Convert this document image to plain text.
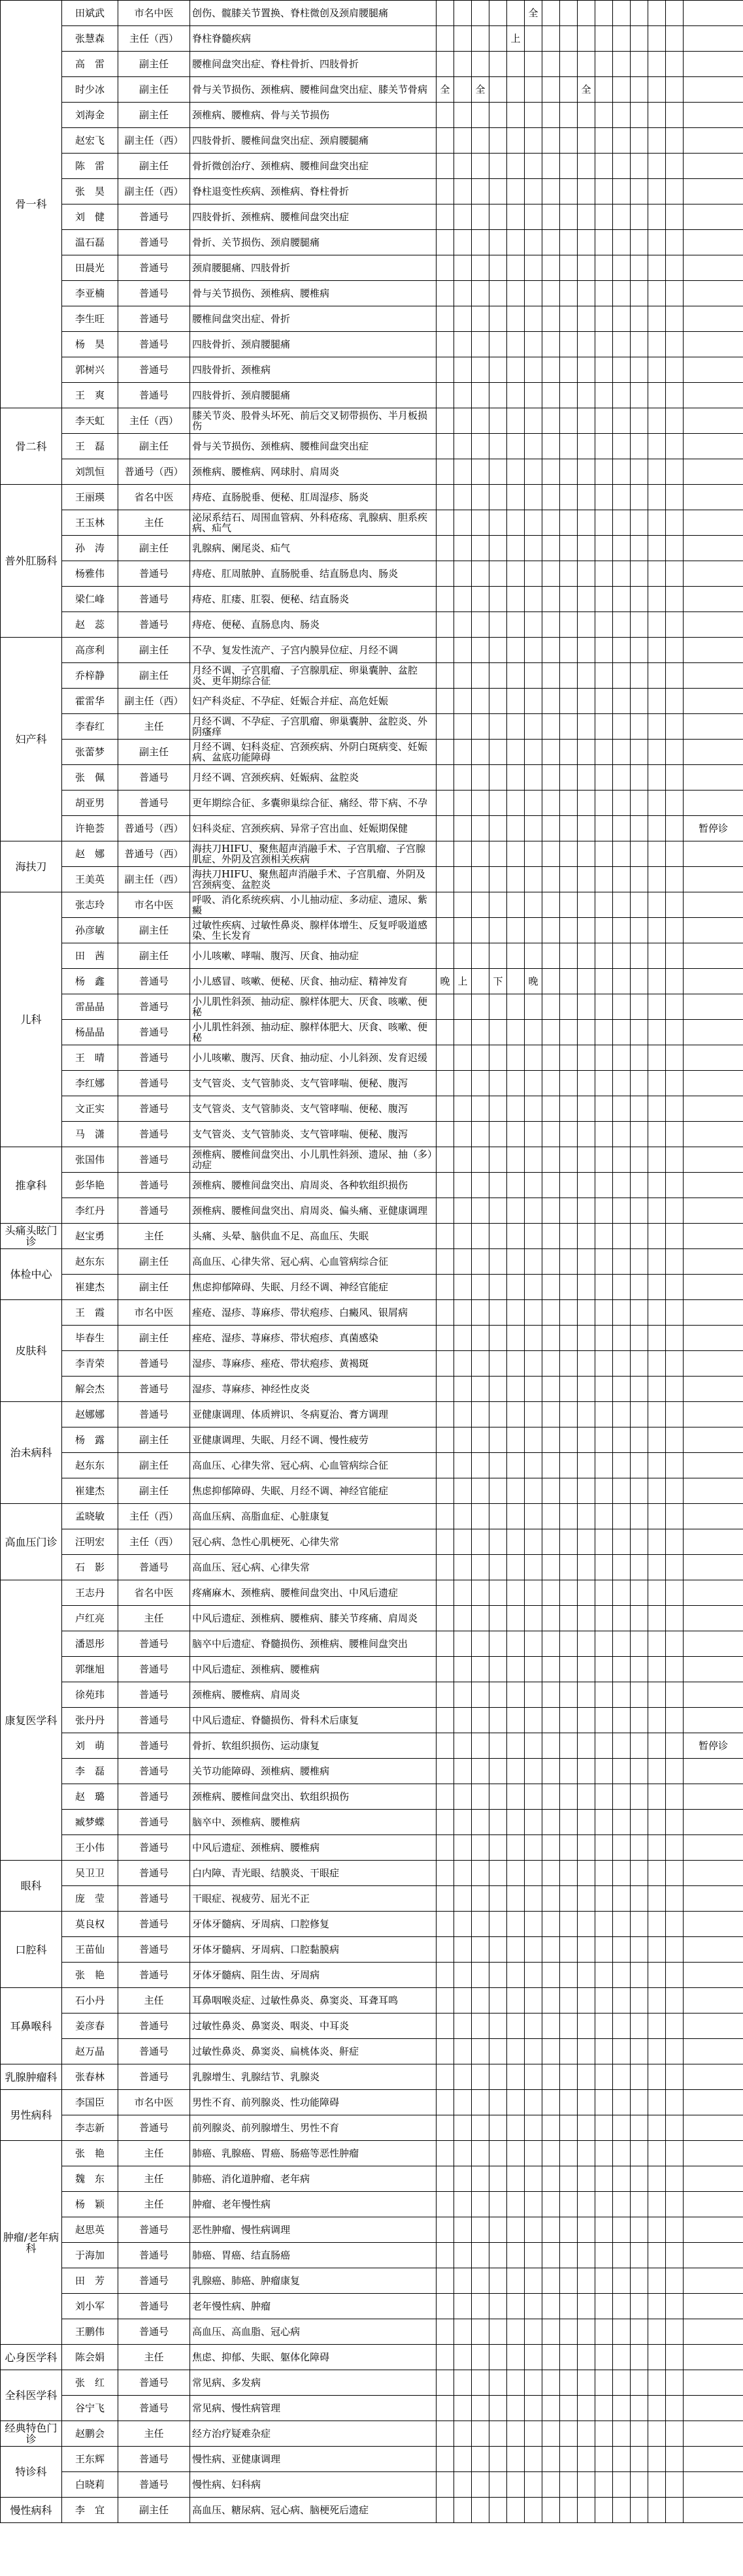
骨一科	田斌武	市名中医	创伤、髋膝关节置换、脊柱微创及颈肩腰腿痛						全									
	张慧森	主任（西）	脊柱脊髓疾病					上										
	高　雷	副主任	腰椎间盘突出症、脊柱骨折、四肢骨折															
	时少冰	副主任	骨与关节损伤、颈椎病、腰椎间盘突出症、膝关节骨病	全		全						全						
	刘海金	副主任	颈椎病、腰椎病、骨与关节损伤															
	赵宏飞	副主任（西）	四肢骨折、腰椎间盘突出症、颈肩腰腿痛															
	陈　雷	副主任	骨折微创治疗、颈椎病、腰椎间盘突出症															
	张　昊	副主任（西）	脊柱退变性疾病、颈椎病、脊柱骨折															
	刘　健	普通号	四肢骨折、颈椎病、腰椎间盘突出症															
	温石磊	普通号	骨折、关节损伤、颈肩腰腿痛															
	田晨光	普通号	颈肩腰腿痛、四肢骨折															
	李亚楠	普通号	骨与关节损伤、颈椎病、腰椎病															
	李生旺	普通号	腰椎间盘突出症、骨折															
	杨　昊	普通号	四肢骨折、颈肩腰腿痛															
	郭树兴	普通号	四肢骨折、颈椎病															
	王　爽	普通号	四肢骨折、颈肩腰腿痛															
骨二科	李天虹	主任（西）	膝关节炎、股骨头坏死、前后交叉韧带损伤、半月板损伤															
	王　磊	副主任	骨与关节损伤、颈椎病、腰椎间盘突出症															
	刘凯恒	普通号（西）	颈椎病、腰椎病、网球肘、肩周炎															
普外肛肠科	王丽瑛	省名中医	痔疮、直肠脱垂、便秘、肛周湿疹、肠炎															
	王玉林	主任	泌尿系结石、周围血管病、外科疮疡、乳腺病、胆系疾病、疝气															
	孙　涛	副主任	乳腺病、阑尾炎、疝气															
	杨雅伟	普通号	痔疮、肛周脓肿、直肠脱垂、结直肠息肉、肠炎															
	梁仁峰	普通号	痔疮、肛瘘、肛裂、便秘、结直肠炎															
	赵　蕊	普通号	痔疮、便秘、直肠息肉、肠炎															
妇产科	高彦利	副主任	不孕、复发性流产、子宫内膜异位症、月经不调															
	乔梓静	副主任	月经不调、子宫肌瘤、子宫腺肌症、卵巢囊肿、盆腔炎、更年期综合征															
	霍雷华	副主任（西）	妇产科炎症、不孕症、妊娠合并症、高危妊娠															
	李春红	主任	月经不调、不孕症、子宫肌瘤、卵巢囊肿、盆腔炎、外阴瘙痒															
	张蕾梦	副主任	月经不调、妇科炎症、宫颈疾病、外阴白斑病变、妊娠病、盆底功能障碍															
	张　佩	普通号	月经不调、宫颈疾病、妊娠病、盆腔炎															
	胡亚男	普通号	更年期综合征、多囊卵巢综合征、痛经、带下病、不孕															
	许艳荟	普通号（西）	妇科炎症、宫颈疾病、异常子宫出血、妊娠期保健															暂停诊
海扶刀	赵　娜	普通号（西）	海扶刀HIFU、聚焦超声消融手术、子宫肌瘤、子宫腺肌症、外阴及宫颈相关疾病															
	王美英	副主任（西）	海扶刀HIFU、聚焦超声消融手术、子宫肌瘤、外阴及宫颈病变、盆腔炎															
儿科	张志玲	市名中医	呼吸、消化系统疾病、小儿抽动症、多动症、遗尿、紫癜															
	孙彦敏	副主任	过敏性疾病、过敏性鼻炎、腺样体增生、反复呼吸道感染、生长发育															
	田　茜	副主任	小儿咳嗽、哮喘、腹泻、厌食、抽动症															
	杨　鑫	普通号	小儿感冒、咳嗽、便秘、厌食、抽动症、精神发育	晚	上		下		晚									
	雷晶晶	普通号	小儿肌性斜颈、抽动症、腺样体肥大、厌食、咳嗽、便秘															
	杨晶晶	普通号	小儿肌性斜颈、抽动症、腺样体肥大、厌食、咳嗽、便秘															
	王　晴	普通号	小儿咳嗽、腹泻、厌食、抽动症、小儿斜颈、发育迟缓															
	李红娜	普通号	支气管炎、支气管肺炎、支气管哮喘、便秘、腹泻															
	文正实	普通号	支气管炎、支气管肺炎、支气管哮喘、便秘、腹泻															
	马　潇	普通号	支气管炎、支气管肺炎、支气管哮喘、便秘、腹泻															
推拿科	张国伟	普通号	颈椎病、腰椎间盘突出、小儿肌性斜颈、遗尿、抽（多）动症															
	彭华艳	普通号	颈椎病、腰椎间盘突出、肩周炎、各种软组织损伤															
	李红丹	普通号	颈椎病、腰椎间盘突出、肩周炎、偏头痛、亚健康调理															
头痛头眩门诊	赵宝勇	主任	头痛、头晕、脑供血不足、高血压、失眠															
体检中心	赵东东	副主任	高血压、心律失常、冠心病、心血管病综合征															
	崔建杰	副主任	焦虑抑郁障碍、失眠、月经不调、神经官能症															
皮肤科	王　霞	市名中医	痤疮、湿疹、荨麻疹、带状疱疹、白癜风、银屑病															
	毕春生	副主任	痤疮、湿疹、荨麻疹、带状疱疹、真菌感染															
	李青荣	普通号	湿疹、荨麻疹、痤疮、带状疱疹、黄褐斑															
	解会杰	普通号	湿疹、荨麻疹、神经性皮炎															
治未病科	赵娜娜	普通号	亚健康调理、体质辨识、冬病夏治、膏方调理															
	杨　露	副主任	亚健康调理、失眠、月经不调、慢性疲劳															
	赵东东	副主任	高血压、心律失常、冠心病、心血管病综合征															
	崔建杰	副主任	焦虑抑郁障碍、失眠、月经不调、神经官能症															
高血压门诊	孟晓敏	主任（西）	高血压病、高脂血症、心脏康复															
	汪明宏	主任（西）	冠心病、急性心肌梗死、心律失常															
	石　影	普通号	高血压、冠心病、心律失常															
康复医学科	王志丹	省名中医	疼痛麻木、颈椎病、腰椎间盘突出、中风后遗症															
	卢红亮	主任	中风后遗症、颈椎病、腰椎病、膝关节疼痛、肩周炎															
	潘恩彤	普通号	脑卒中后遗症、脊髓损伤、颈椎病、腰椎间盘突出															
	郭继旭	普通号	中风后遗症、颈椎病、腰椎病															
	徐苑玮	普通号	颈椎病、腰椎病、肩周炎															
	张丹丹	普通号	中风后遗症、脊髓损伤、骨科术后康复															
	刘　萌	普通号	骨折、软组织损伤、运动康复															暂停诊
	李　磊	普通号	关节功能障碍、颈椎病、腰椎病															
	赵　璐	普通号	颈椎病、腰椎间盘突出、软组织损伤															
	臧梦蝶	普通号	脑卒中、颈椎病、腰椎病															
	王小伟	普通号	中风后遗症、颈椎病、腰椎病															
眼科	吴卫卫	普通号	白内障、青光眼、结膜炎、干眼症															
	庞　莹	普通号	干眼症、视疲劳、屈光不正															
口腔科	莫良权	普通号	牙体牙髓病、牙周病、口腔修复															
	王苗仙	普通号	牙体牙髓病、牙周病、口腔黏膜病															
	张　艳	普通号	牙体牙髓病、阻生齿、牙周病															
耳鼻喉科	石小丹	主任	耳鼻咽喉炎症、过敏性鼻炎、鼻窦炎、耳聋耳鸣															
	姜彦春	普通号	过敏性鼻炎、鼻窦炎、咽炎、中耳炎															
	赵万晶	普通号	过敏性鼻炎、鼻窦炎、扁桃体炎、鼾症															
乳腺肿瘤科	张春林	普通号	乳腺增生、乳腺结节、乳腺炎															
男性病科	李国臣	市名中医	男性不育、前列腺炎、性功能障碍															
	李志新	普通号	前列腺炎、前列腺增生、男性不育															
肿瘤/老年病科	张　艳	主任	肺癌、乳腺癌、胃癌、肠癌等恶性肿瘤															
	魏　东	主任	肺癌、消化道肿瘤、老年病															
	杨　颖	主任	肿瘤、老年慢性病															
	赵思英	普通号	恶性肿瘤、慢性病调理															
	于海加	普通号	肺癌、胃癌、结直肠癌															
	田　芳	普通号	乳腺癌、肺癌、肿瘤康复															
	刘小军	普通号	老年慢性病、肿瘤															
	王鹏伟	普通号	高血压、高血脂、冠心病															
心身医学科	陈会娟	主任	焦虑、抑郁、失眠、躯体化障碍															
全科医学科	张　红	普通号	常见病、多发病															
	谷宁飞	普通号	常见病、慢性病管理															
经典特色门诊	赵鹏会	主任	经方治疗疑难杂症															
特诊科	王东辉	普通号	慢性病、亚健康调理															
	白晓莉	普通号	慢性病、妇科病															
慢性病科	李　宜	副主任	高血压、糖尿病、冠心病、脑梗死后遗症															
